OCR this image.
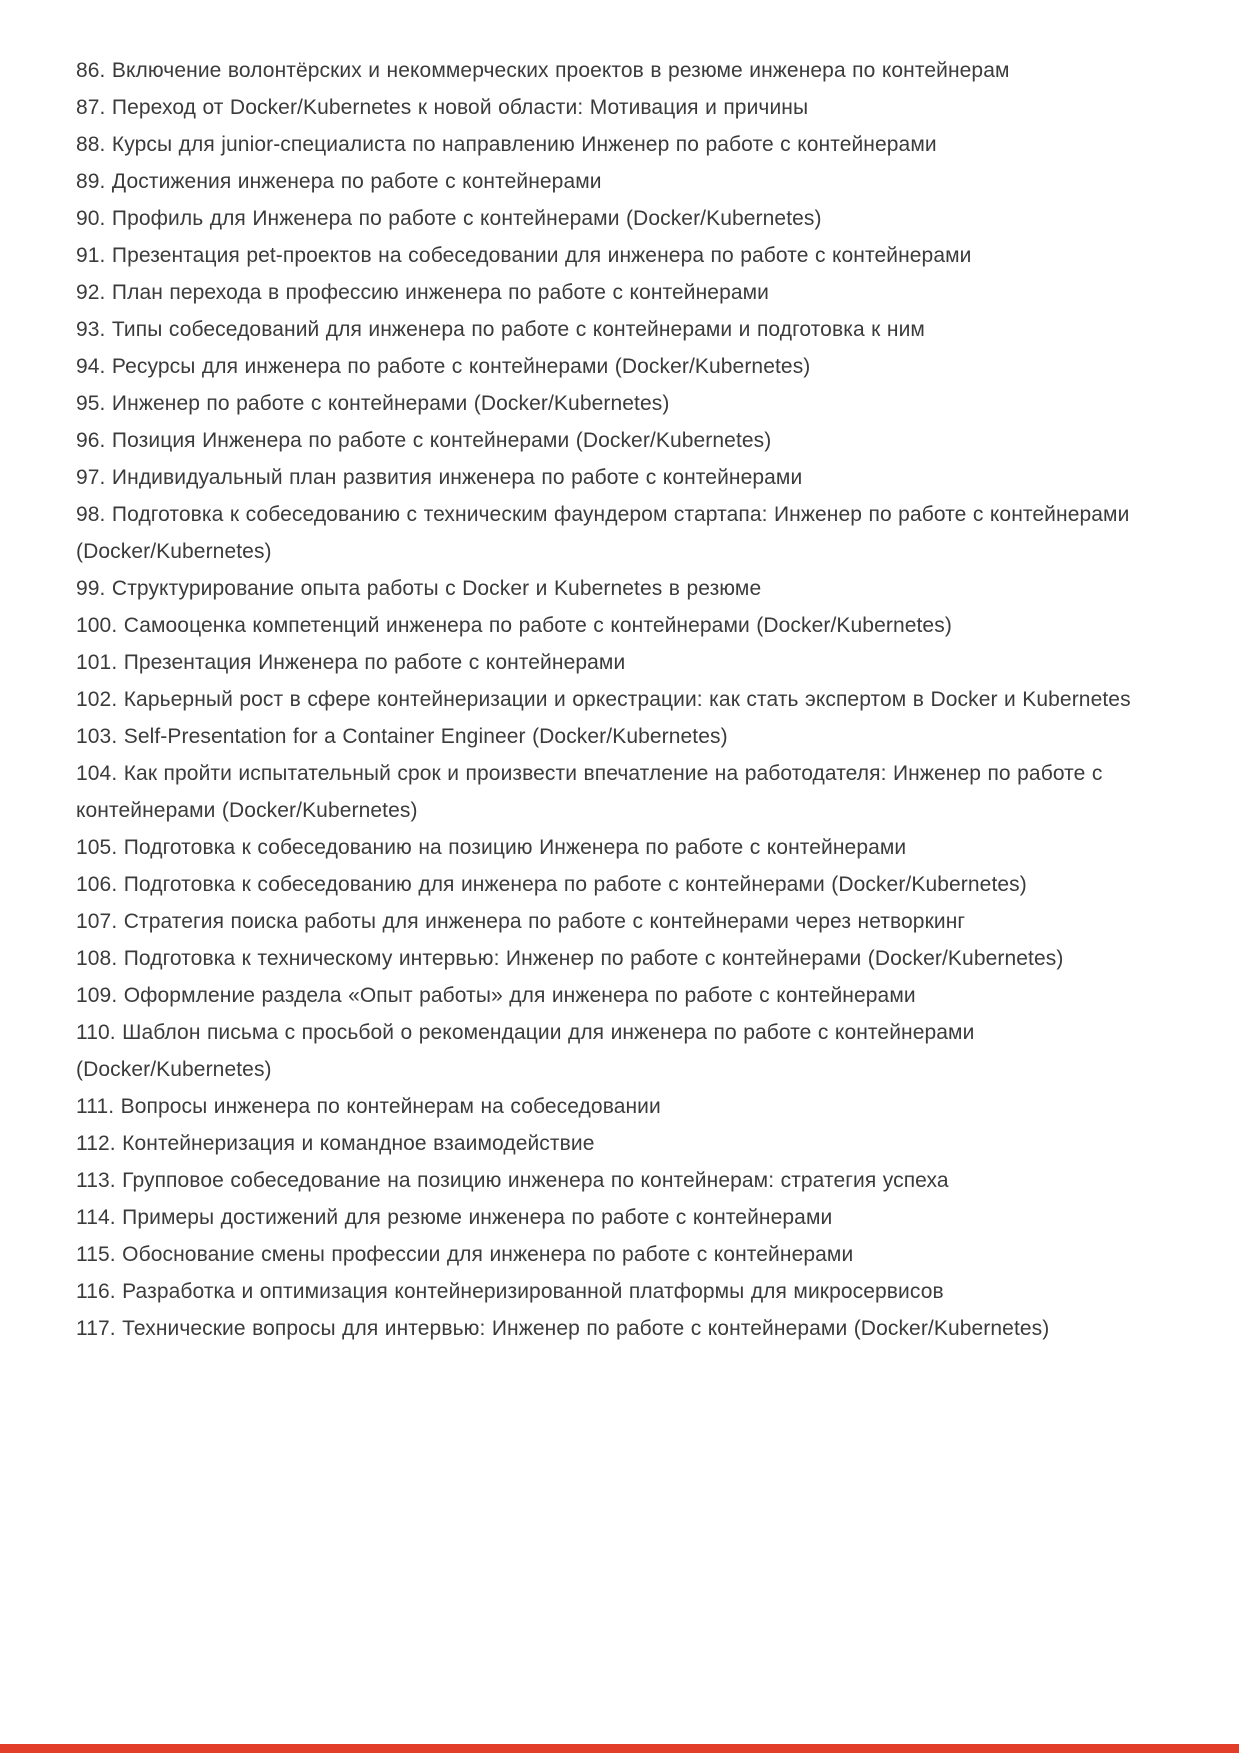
86. Включение волонтёрских и некоммерческих проектов в резюме инженера по контейнерам

87. Переход от Docker/Kubernetes к новой области: Мотивация и причины

88. Курсы для junior-специалиста по направлению Инженер по работе с контейнерами

89. Достижения инженера по работе с контейнерами

90. Профиль для Инженера по работе с контейнерами (Docker/Kubernetes)

91. Презентация pet-проектов на собеседовании для инженера по работе с контейнерами

92. План перехода в профессию инженера по работе с контейнерами

93. Типы собеседований для инженера по работе с контейнерами и подготовка к ним

94. Ресурсы для инженера по работе с контейнерами (Docker/Kubernetes)

95. Инженер по работе с контейнерами (Docker/Kubernetes)

96. Позиция Инженера по работе с контейнерами (Docker/Kubernetes)

97. Индивидуальный план развития инженера по работе с контейнерами

98. Подготовка к собеседованию с техническим фаундером стартапа: Инженер по работе с контейнерами (Docker/Kubernetes)

99. Структурирование опыта работы с Docker и Kubernetes в резюме

100. Самооценка компетенций инженера по работе с контейнерами (Docker/Kubernetes)

101. Презентация Инженера по работе с контейнерами

102. Карьерный рост в сфере контейнеризации и оркестрации: как стать экспертом в Docker и Kubernetes

103. Self-Presentation for a Container Engineer (Docker/Kubernetes)

104. Как пройти испытательный срок и произвести впечатление на работодателя: Инженер по работе с контейнерами (Docker/Kubernetes)

105. Подготовка к собеседованию на позицию Инженера по работе с контейнерами

106. Подготовка к собеседованию для инженера по работе с контейнерами (Docker/Kubernetes)

107. Стратегия поиска работы для инженера по работе с контейнерами через нетворкинг

108. Подготовка к техническому интервью: Инженер по работе с контейнерами (Docker/Kubernetes)

109. Оформление раздела «Опыт работы» для инженера по работе с контейнерами

110. Шаблон письма с просьбой о рекомендации для инженера по работе с контейнерами (Docker/Kubernetes)

111. Вопросы инженера по контейнерам на собеседовании

112. Контейнеризация и командное взаимодействие

113. Групповое собеседование на позицию инженера по контейнерам: стратегия успеха

114. Примеры достижений для резюме инженера по работе с контейнерами

115. Обоснование смены профессии для инженера по работе с контейнерами

116. Разработка и оптимизация контейнеризированной платформы для микросервисов

117. Технические вопросы для интервью: Инженер по работе с контейнерами (Docker/Kubernetes)
